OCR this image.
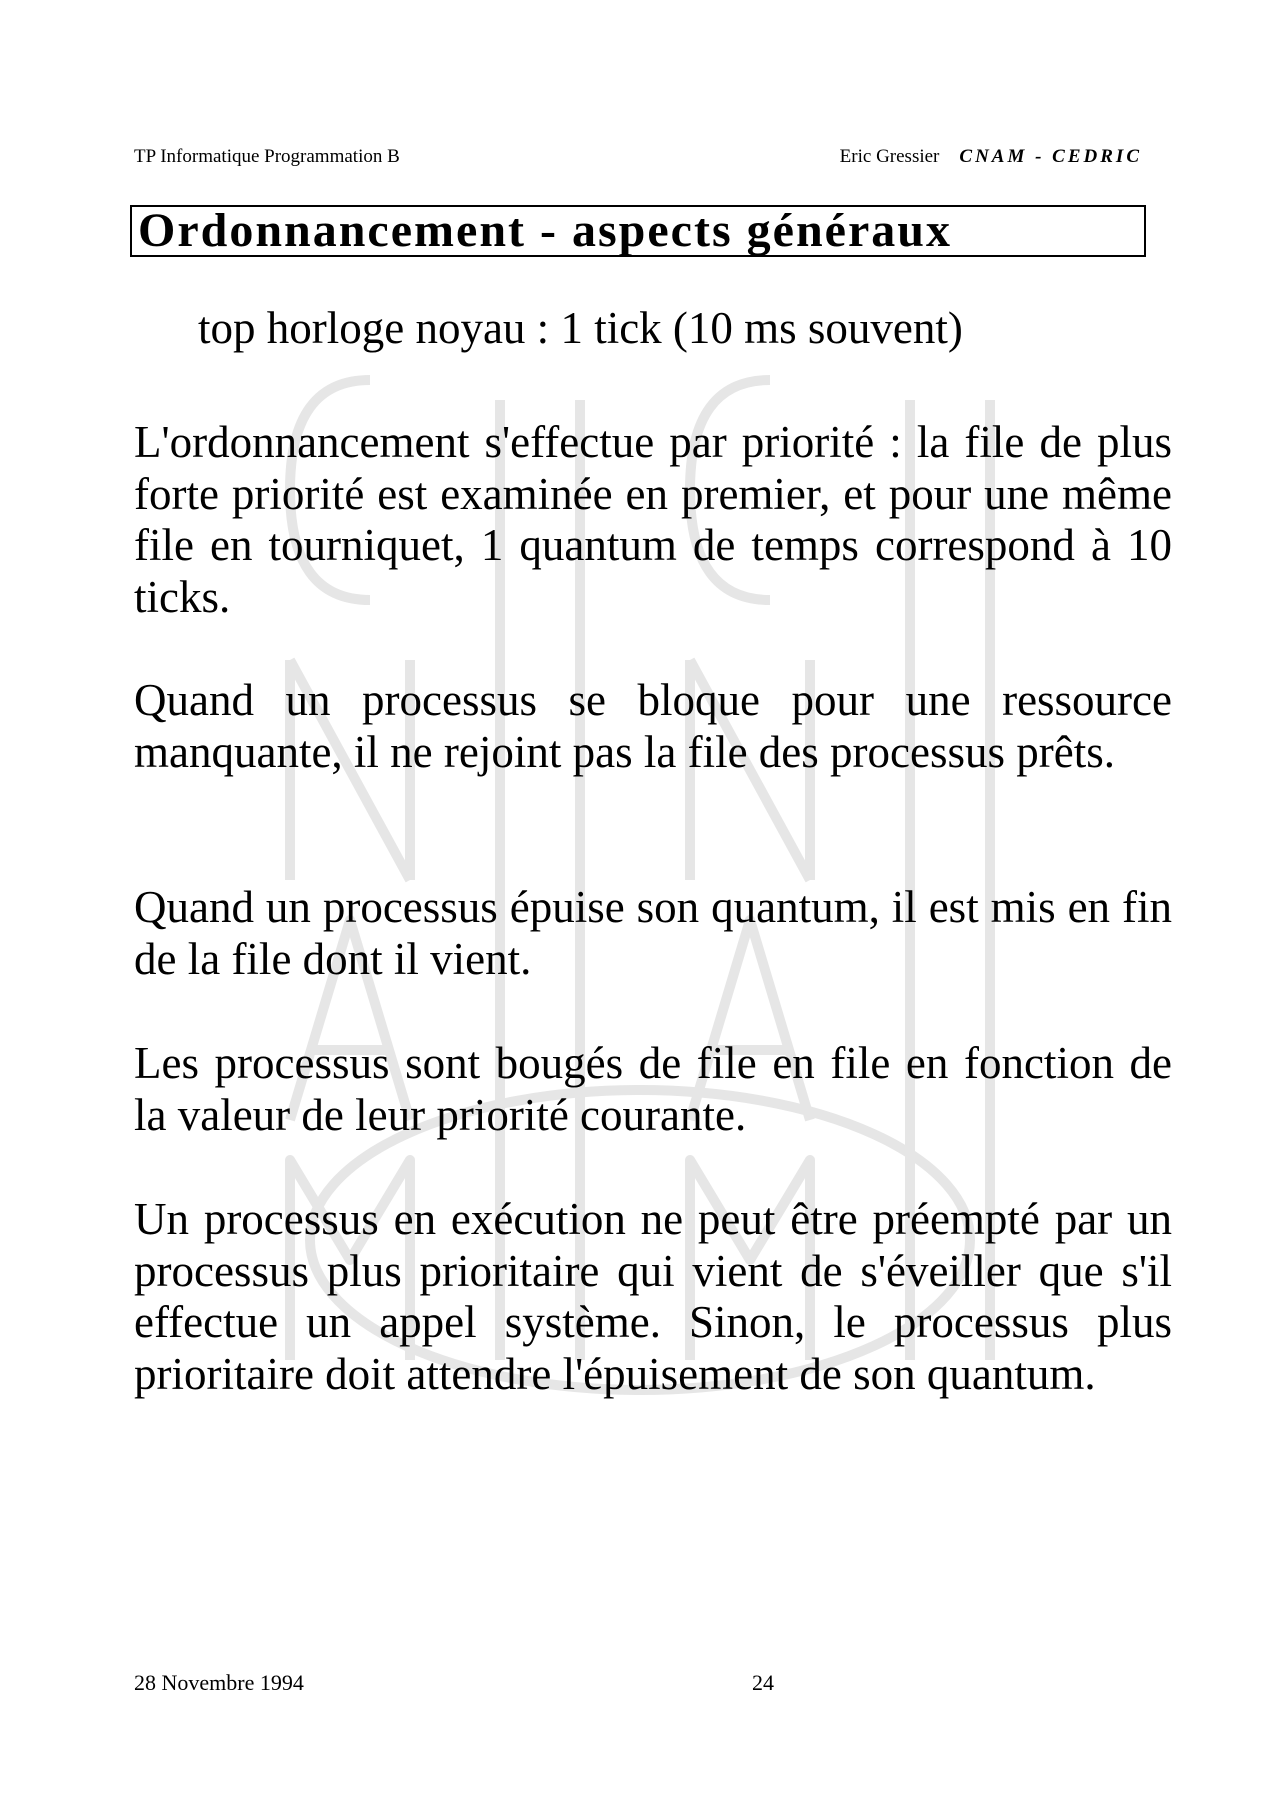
TP Informatique Programmation B	Eric Gressier CNAM - CEDRIC
Ordonnancement - aspects généraux
top horloge noyau : 1 tick (10 ms souvent)

L'ordonnancement s'effectue par priorité : la file de plus forte priorité est examinée en premier, et pour une même file en tourniquet, 1 quantum de temps correspond à 10 ticks.

Quand un processus se bloque pour une ressource manquante, il ne rejoint pas la file des processus prêts.

Quand un processus épuise son quantum, il est mis en fin de la file dont il vient.

Les processus sont bougés de file en file en fonction de la valeur de leur priorité courante.

Un processus en exécution ne peut être préempté par un processus plus prioritaire qui vient de s'éveiller que s'il effectue un appel système. Sinon, le processus plus prioritaire doit attendre l'épuisement de son quantum.

28 Novembre 1994	24
